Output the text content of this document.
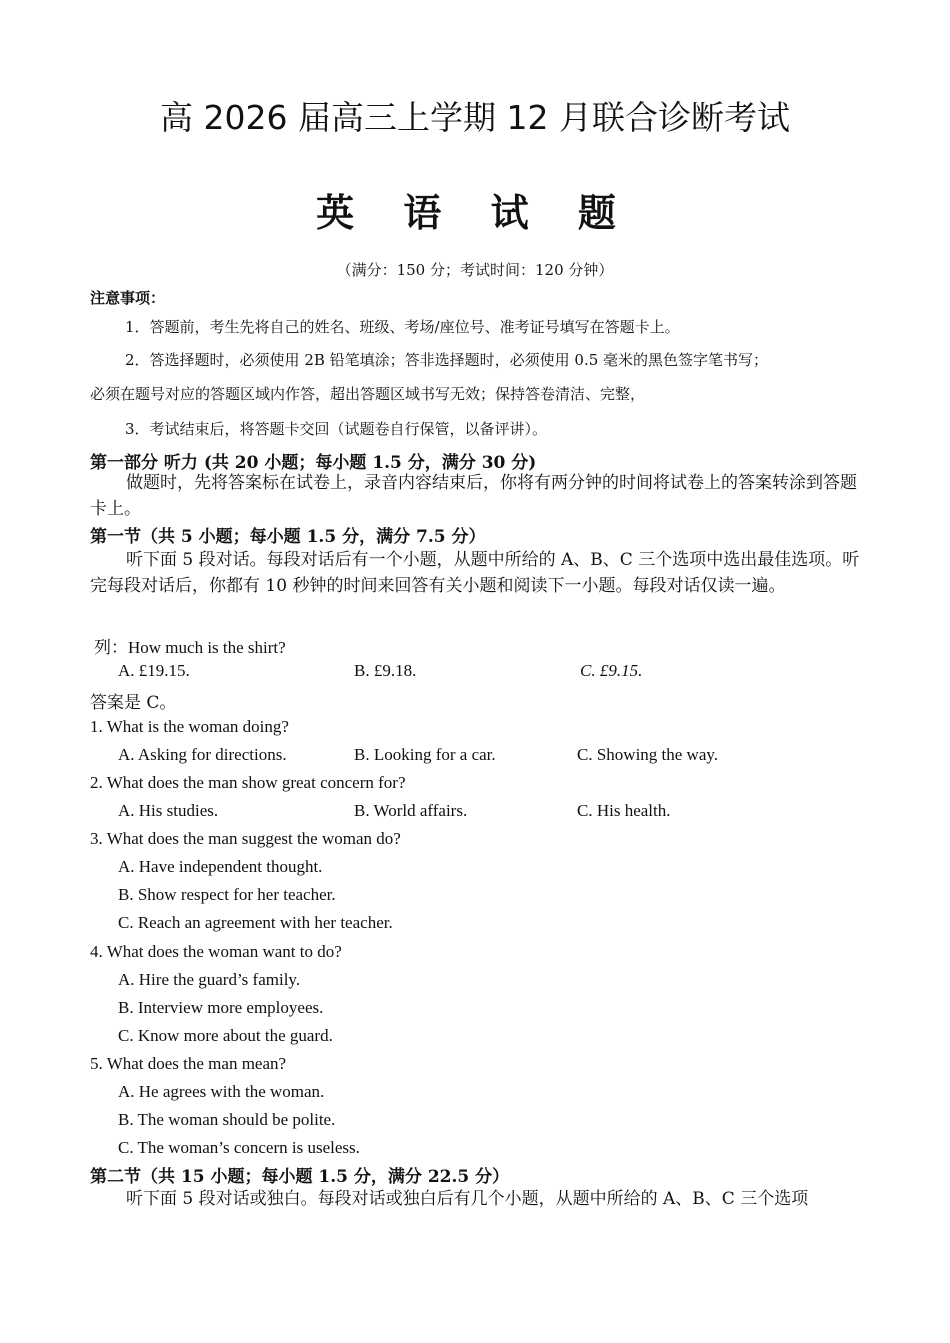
高 2026 届高三上学期 12 月联合诊断考试
英 语 试 题
（满分：150 分；考试时间：120 分钟）
注意事项：
1．答题前，考生先将自己的姓名、班级、考场/座位号、准考证号填写在答题卡上。
2．答选择题时，必须使用 2B 铅笔填涂；答非选择题时，必须使用 0.5 毫米的黑色签字笔书写；
必须在题号对应的答题区域内作答，超出答题区域书写无效；保持答卷清洁、完整，
3．考试结束后，将答题卡交回（试题卷自行保管，以备评讲）。
第一部分 听力 (共 20 小题；每小题 1.5 分，满分 30 分)
做题时，先将答案标在试卷上，录音内容结束后，你将有两分钟的时间将试卷上的答案转涂到答题卡上。
第一节（共 5 小题；每小题 1.5 分，满分 7.5 分）
听下面 5 段对话。每段对话后有一个小题，从题中所给的 A、B、C 三个选项中选出最佳选项。听完每段对话后，你都有 10 秒钟的时间来回答有关小题和阅读下一小题。每段对话仅读一遍。
列：How much is the shirt?
A. £19.15.	B. £9.18.	C. £9.15.
答案是 C。
1. What is the woman doing?
A. Asking for directions.	B. Looking for a car.	C. Showing the way.
2. What does the man show great concern for?
A. His studies.	B. World affairs.	C. His health.
3. What does the man suggest the woman do?
A. Have independent thought.
B. Show respect for her teacher.
C. Reach an agreement with her teacher.
4. What does the woman want to do?
A. Hire the guard’s family.
B. Interview more employees.
C. Know more about the guard.
5. What does the man mean?
A. He agrees with the woman.
B. The woman should be polite.
C. The woman’s concern is useless.
第二节（共 15 小题；每小题 1.5 分，满分 22.5 分）
听下面 5 段对话或独白。每段对话或独白后有几个小题，从题中所给的 A、B、C 三个选项
